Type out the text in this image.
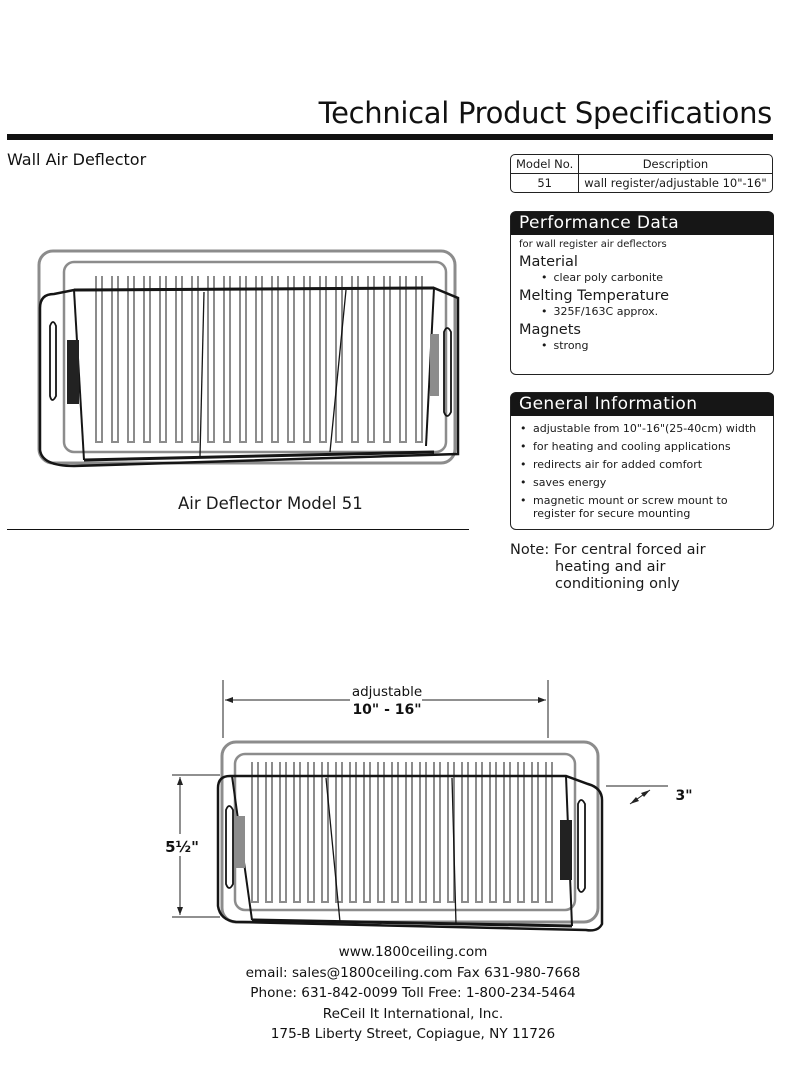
Technical Product Specifications
Wall Air Deflector	Model No.	Description
51	wall register/adjustable 10"-16"
Performance Data
for wall register air deflectors
Material
• clear poly carbonite
Melting Temperature
• 325F/163C approx.
Magnets
• strong
General Information
• adjustable from 10"-16"(25-40cm) width
• for heating and cooling applications
• redirects air for added comfort
• saves energy
• magnetic mount or screw mount to register for secure mounting
Note: For central forced air
heating and air
conditioning only
Air Deflector Model 51
adjustable
10" - 16"
5½"
3"
www.1800ceiling.com
email: sales@1800ceiling.com Fax 631-980-7668
Phone: 631-842-0099 Toll Free: 1-800-234-5464
ReCeil It International, Inc.
175-B Liberty Street, Copiague, NY 11726
